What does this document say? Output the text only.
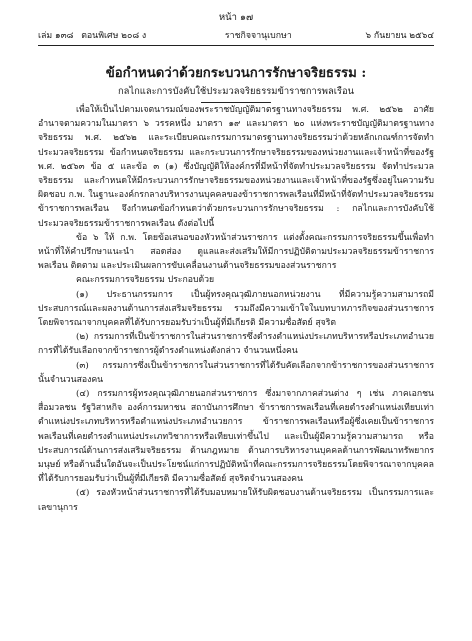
หน้า ๑๗
เล่ม ๑๓๘ ตอนพิเศษ ๒๐๘ ง	ราชกิจจานุเบกษา	๖ กันยายน ๒๕๖๔
ข้อกำหนดว่าด้วยกระบวนการรักษาจริยธรรม :
กลไกและการบังคับใช้ประมวลจริยธรรมข้าราชการพลเรือน

เพื่อให้เป็นไปตามเจตนารมณ์ของพระราชบัญญัติมาตรฐานทางจริยธรรม พ.ศ. ๒๕๖๒ อาศัยอำนาจตามความในมาตรา ๖ วรรคหนึ่ง มาตรา ๑๙ และมาตรา ๒๐ แห่งพระราชบัญญัติมาตรฐานทางจริยธรรม พ.ศ. ๒๕๖๒ และระเบียบคณะกรรมการมาตรฐานทางจริยธรรมว่าด้วยหลักเกณฑ์การจัดทำประมวลจริยธรรม ข้อกำหนดจริยธรรม และกระบวนการรักษาจริยธรรมของหน่วยงานและเจ้าหน้าที่ของรัฐ พ.ศ. ๒๕๖๓ ข้อ ๕ และข้อ ๓ (๑) ซึ่งบัญญัติให้องค์กรที่มีหน้าที่จัดทำประมวลจริยธรรม จัดทำประมวลจริยธรรม และกำหนดให้มีกระบวนการรักษาจริยธรรมของหน่วยงานและเจ้าหน้าที่ของรัฐซึ่งอยู่ในความรับผิดชอบ ก.พ. ในฐานะองค์กรกลางบริหารงานบุคคลของข้าราชการพลเรือนที่มีหน้าที่จัดทำประมวลจริยธรรมข้าราชการพลเรือน จึงกำหนดข้อกำหนดว่าด้วยกระบวนการรักษาจริยธรรม : กลไกและการบังคับใช้ประมวลจริยธรรมข้าราชการพลเรือน ดังต่อไปนี้

ข้อ ๖ ให้ ก.พ. โดยข้อเสนอของหัวหน้าส่วนราชการ แต่งตั้งคณะกรรมการจริยธรรมขึ้นเพื่อทำหน้าที่ให้คำปรึกษาแนะนำ สอดส่อง ดูแลและส่งเสริมให้มีการปฏิบัติตามประมวลจริยธรรมข้าราชการพลเรือน ติดตาม และประเมินผลการขับเคลื่อนงานด้านจริยธรรมของส่วนราชการ

คณะกรรมการจริยธรรม ประกอบด้วย

(๑) ประธานกรรมการ เป็นผู้ทรงคุณวุฒิภายนอกหน่วยงาน ที่มีความรู้ความสามารถมีประสบการณ์และผลงานด้านการส่งเสริมจริยธรรม รวมถึงมีความเข้าใจในบทบาทภารกิจของส่วนราชการ โดยพิจารณาจากบุคคลที่ได้รับการยอมรับว่าเป็นผู้ที่มีเกียรติ มีความซื่อสัตย์ สุจริต

(๒) กรรมการที่เป็นข้าราชการในส่วนราชการซึ่งดำรงตำแหน่งประเภทบริหารหรือประเภทอำนวยการที่ได้รับเลือกจากข้าราชการผู้ดำรงตำแหน่งดังกล่าว จำนวนหนึ่งคน

(๓) กรรมการซึ่งเป็นข้าราชการในส่วนราชการที่ได้รับคัดเลือกจากข้าราชการของส่วนราชการนั้นจำนวนสองคน

(๔) กรรมการผู้ทรงคุณวุฒิภายนอกส่วนราชการ ซึ่งมาจากภาคส่วนต่าง ๆ เช่น ภาคเอกชนสื่อมวลชน รัฐวิสาหกิจ องค์การมหาชน สถาบันการศึกษา ข้าราชการพลเรือนที่เคยดำรงตำแหน่งเทียบเท่าตำแหน่งประเภทบริหารหรือตำแหน่งประเภทอำนวยการ ข้าราชการพลเรือนหรือผู้ซึ่งเคยเป็นข้าราชการพลเรือนที่เคยดำรงตำแหน่งประเภทวิชาการหรือเทียบเท่าขึ้นไป และเป็นผู้มีความรู้ความสามารถ หรือประสบการณ์ด้านการส่งเสริมจริยธรรม ด้านกฎหมาย ด้านการบริหารงานบุคคลด้านการพัฒนาทรัพยากรมนุษย์ หรือด้านอื่นใดอันจะเป็นประโยชน์แก่การปฏิบัติหน้าที่คณะกรรมการจริยธรรมโดยพิจารณาจากบุคคลที่ได้รับการยอมรับว่าเป็นผู้ที่มีเกียรติ มีความซื่อสัตย์ สุจริตจำนวนสองคน

(๕) รองหัวหน้าส่วนราชการที่ได้รับมอบหมายให้รับผิดชอบงานด้านจริยธรรม เป็นกรรมการและเลขานุการ
